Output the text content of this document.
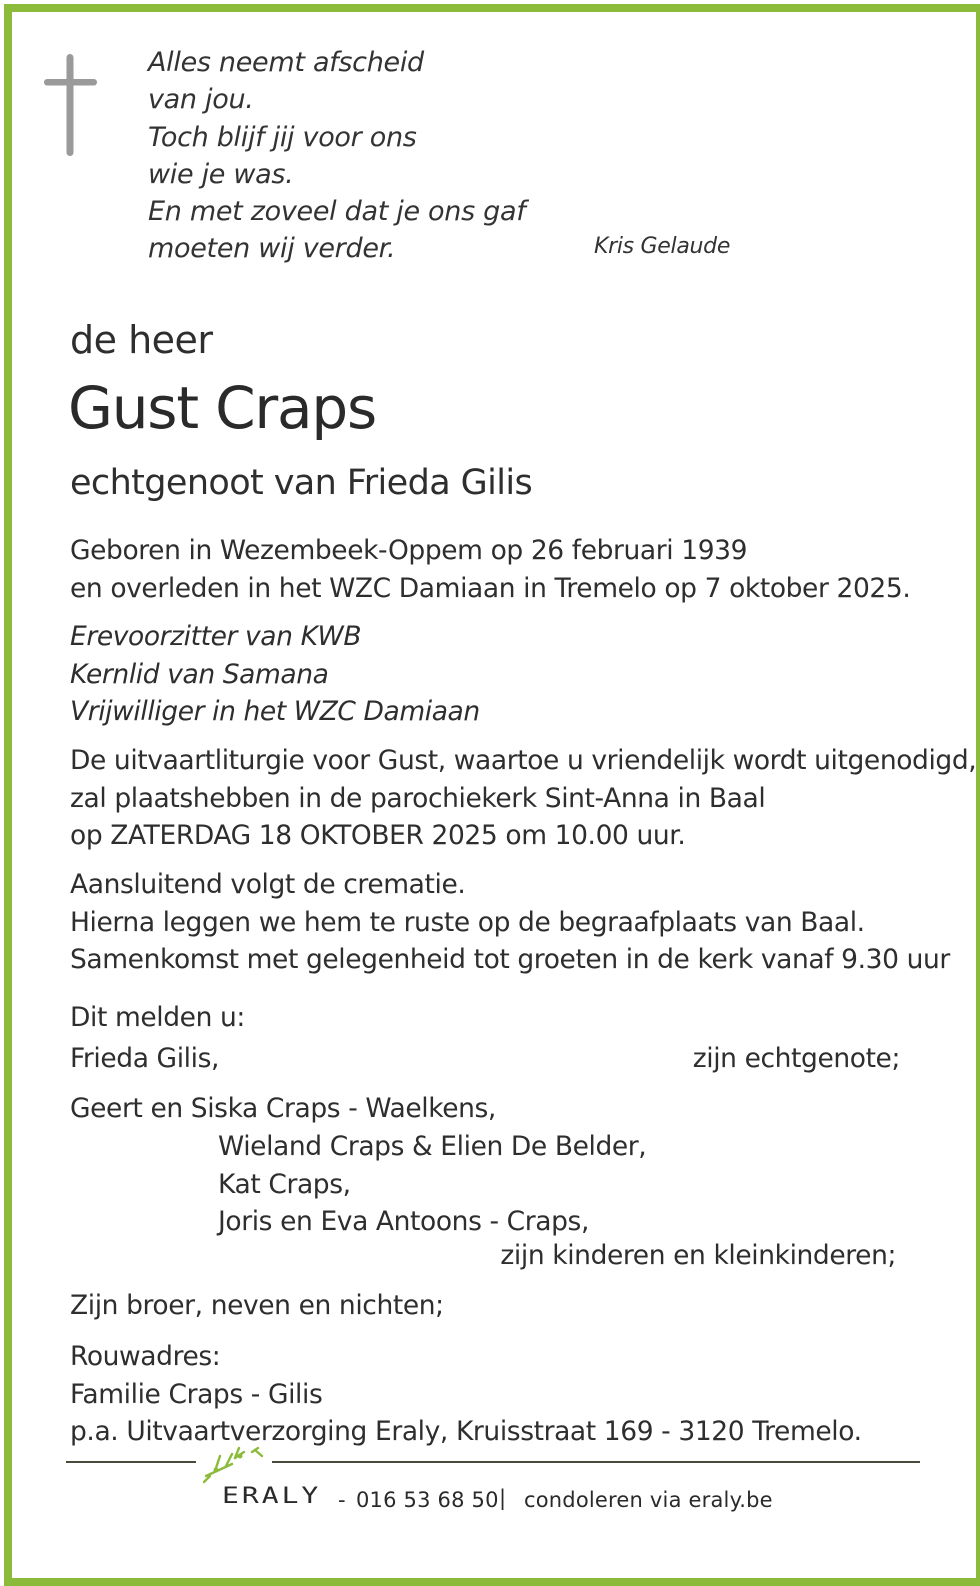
Alles neemt afscheid
van jou.
Toch blijf jij voor ons
wie je was.
En met zoveel dat je ons gaf
moeten wij verder.	Kris Gelaude
de heer
Gust Craps
echtgenoot van Frieda Gilis
Geboren in Wezembeek-Oppem op 26 februari 1939
en overleden in het WZC Damiaan in Tremelo op 7 oktober 2025.
Erevoorzitter van KWB
Kernlid van Samana
Vrijwilliger in het WZC Damiaan
De uitvaartliturgie voor Gust, waartoe u vriendelijk wordt uitgenodigd,
zal plaatshebben in de parochiekerk Sint-Anna in Baal
op ZATERDAG 18 OKTOBER 2025 om 10.00 uur.
Aansluitend volgt de crematie.
Hierna leggen we hem te ruste op de begraafplaats van Baal.
Samenkomst met gelegenheid tot groeten in de kerk vanaf 9.30 uur
Dit melden u:
Frieda Gilis,	zijn echtgenote;
Geert en Siska Craps - Waelkens,
Wieland Craps & Elien De Belder,
Kat Craps,
Joris en Eva Antoons - Craps,
zijn kinderen en kleinkinderen;
Zijn broer, neven en nichten;
Rouwadres:
Familie Craps - Gilis
p.a. Uitvaartverzorging Eraly, Kruisstraat 169 - 3120 Tremelo.
ERALY - 016 53 68 50 | condoleren via eraly.be
